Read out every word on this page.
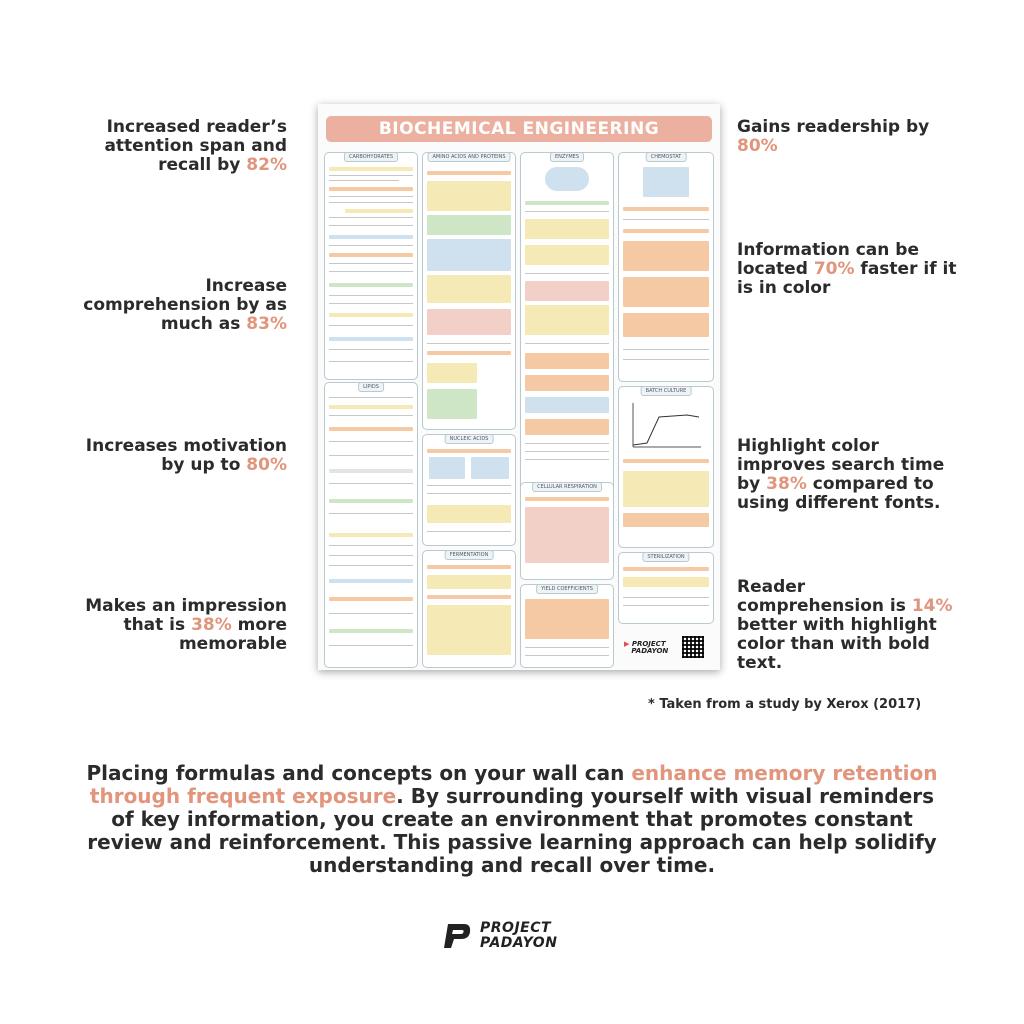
Increased reader’s attention span and recall by 82%
Increase comprehension by as much as 83%
Increases motivation by up to 80%
Makes an impression that is 38% more memorable
Gains readership by 80%
Information can be located 70% faster if it is in color
Highlight color improves search time by 38% compared to using different fonts.
Reader comprehension is 14% better with highlight color than with bold text.
BIOCHEMICAL ENGINEERING
CARBOHYDRATES
LIPIDS
AMINO ACIDS AND PROTEINS
NUCLEIC ACIDS
FERMENTATION
ENZYMES
CELLULAR RESPIRATION
YIELD COEFFICIENTS
CHEMOSTAT
BATCH CULTURE
STERILIZATION
▶ PROJECT
PADAYON
* Taken from a study by Xerox (2017)
Placing formulas and concepts on your wall can enhance memory retention through frequent exposure. By surrounding yourself with visual reminders of key information, you create an environment that promotes constant review and reinforcement. This passive learning approach can help solidify understanding and recall over time.
PROJECT
PADAYON
